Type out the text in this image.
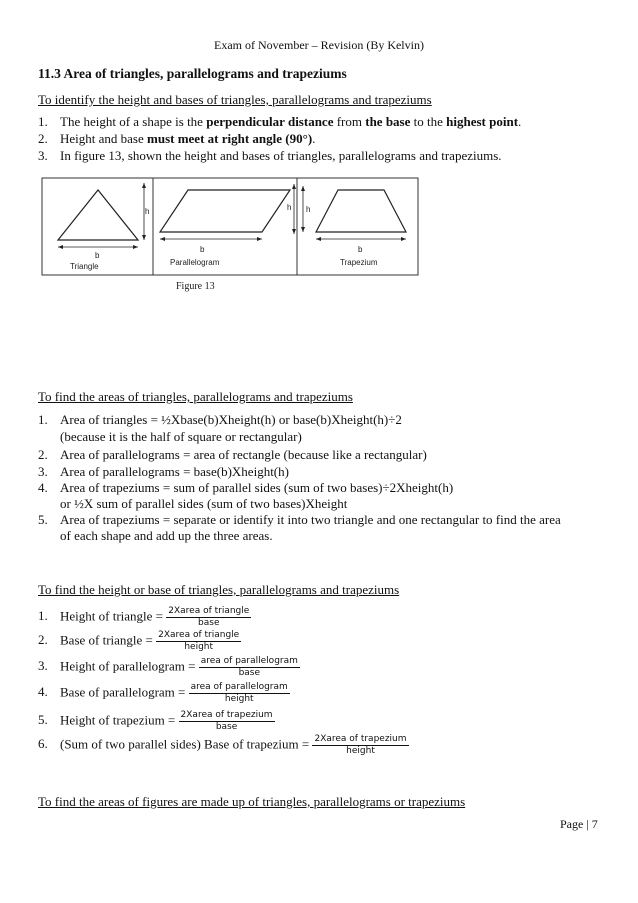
Exam of November – Revision (By Kelvin)
11.3 Area of triangles, parallelograms and trapeziums
To identify the height and bases of triangles, parallelograms and trapeziums
1. The height of a shape is the perpendicular distance from the base to the highest point.
2. Height and base must meet at right angle (90°).
3. In figure 13, shown the height and bases of triangles, parallelograms and trapeziums.
h
b
Triangle
h
b
Parallelogram
h
b
Trapezium
Figure 13
To find the areas of triangles, parallelograms and trapeziums
1. Area of triangles = ½Xbase(b)Xheight(h) or base(b)Xheight(h)÷2
(because it is the half of square or rectangular)
2. Area of parallelograms = area of rectangle (because like a rectangular)
3. Area of parallelograms = base(b)Xheight(h)
4. Area of trapeziums = sum of parallel sides (sum of two bases)÷2Xheight(h)
or ½X sum of parallel sides (sum of two bases)Xheight
5. Area of trapeziums = separate or identify it into two triangle and one rectangular to find the area
of each shape and add up the three areas.
To find the height or base of triangles, parallelograms and trapeziums
1. Height of triangle = $\frac{\text{2Xarea of triangle}}{\text{base}}$
2. Base of triangle = $\frac{\text{2Xarea of triangle}}{\text{height}}$
3. Height of parallelogram = $\frac{\text{area of parallelogram}}{\text{base}}$
4. Base of parallelogram = $\frac{\text{area of parallelogram}}{\text{height}}$
5. Height of trapezium = $\frac{\text{2Xarea of trapezium}}{\text{base}}$
6. (Sum of two parallel sides) Base of trapezium = $\frac{\text{2Xarea of trapezium}}{\text{height}}$
To find the areas of figures are made up of triangles, parallelograms or trapeziums
Page | 7
